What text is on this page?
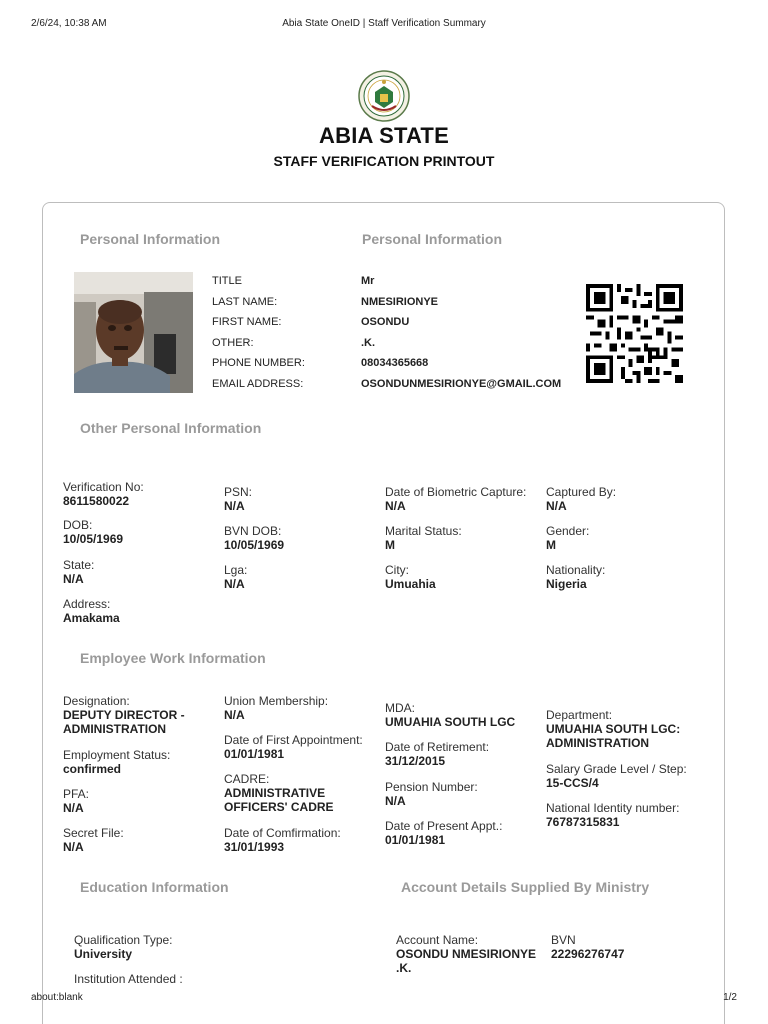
2/6/24, 10:38 AM	Abia State OneID | Staff Verification Summary
ABIA STATE
STAFF VERIFICATION PRINTOUT
Personal Information	Personal Information
TITLE	Mr
LAST NAME:	NMESIRIONYE
FIRST NAME:	OSONDU
OTHER:	.K.
PHONE NUMBER:	08034365668
EMAIL ADDRESS:	OSONDUNMESIRIONYE@GMAIL.COM
Other Personal Information
Employee Work Information
Education Information	Account Details Supplied By Ministry
Verification No:
8611580022
DOB:
10/05/1969
State:
N/A
Address:
Amakama
PSN:
N/A
BVN DOB:
10/05/1969
Lga:
N/A
Date of Biometric Capture:
N/A
Marital Status:
M
City:
Umuahia
Captured By:
N/A
Gender:
M
Nationality:
Nigeria
Designation:
DEPUTY DIRECTOR - ADMINISTRATION
Employment Status:
confirmed
PFA:
N/A
Secret File:
N/A
Union Membership:
N/A
Date of First Appointment:
01/01/1981
CADRE:
ADMINISTRATIVE OFFICERS' CADRE
Date of Comfirmation:
31/01/1993
MDA:
UMUAHIA SOUTH LGC
Date of Retirement:
31/12/2015
Pension Number:
N/A
Date of Present Appt.:
01/01/1981
Department:
UMUAHIA SOUTH LGC: ADMINISTRATION
Salary Grade Level / Step:
15-CCS/4
National Identity number:
76787315831
Qualification Type:
University
Institution Attended :
Account Name:
OSONDU NMESIRIONYE .K.
BVN
22296276747
about:blank	1/2
